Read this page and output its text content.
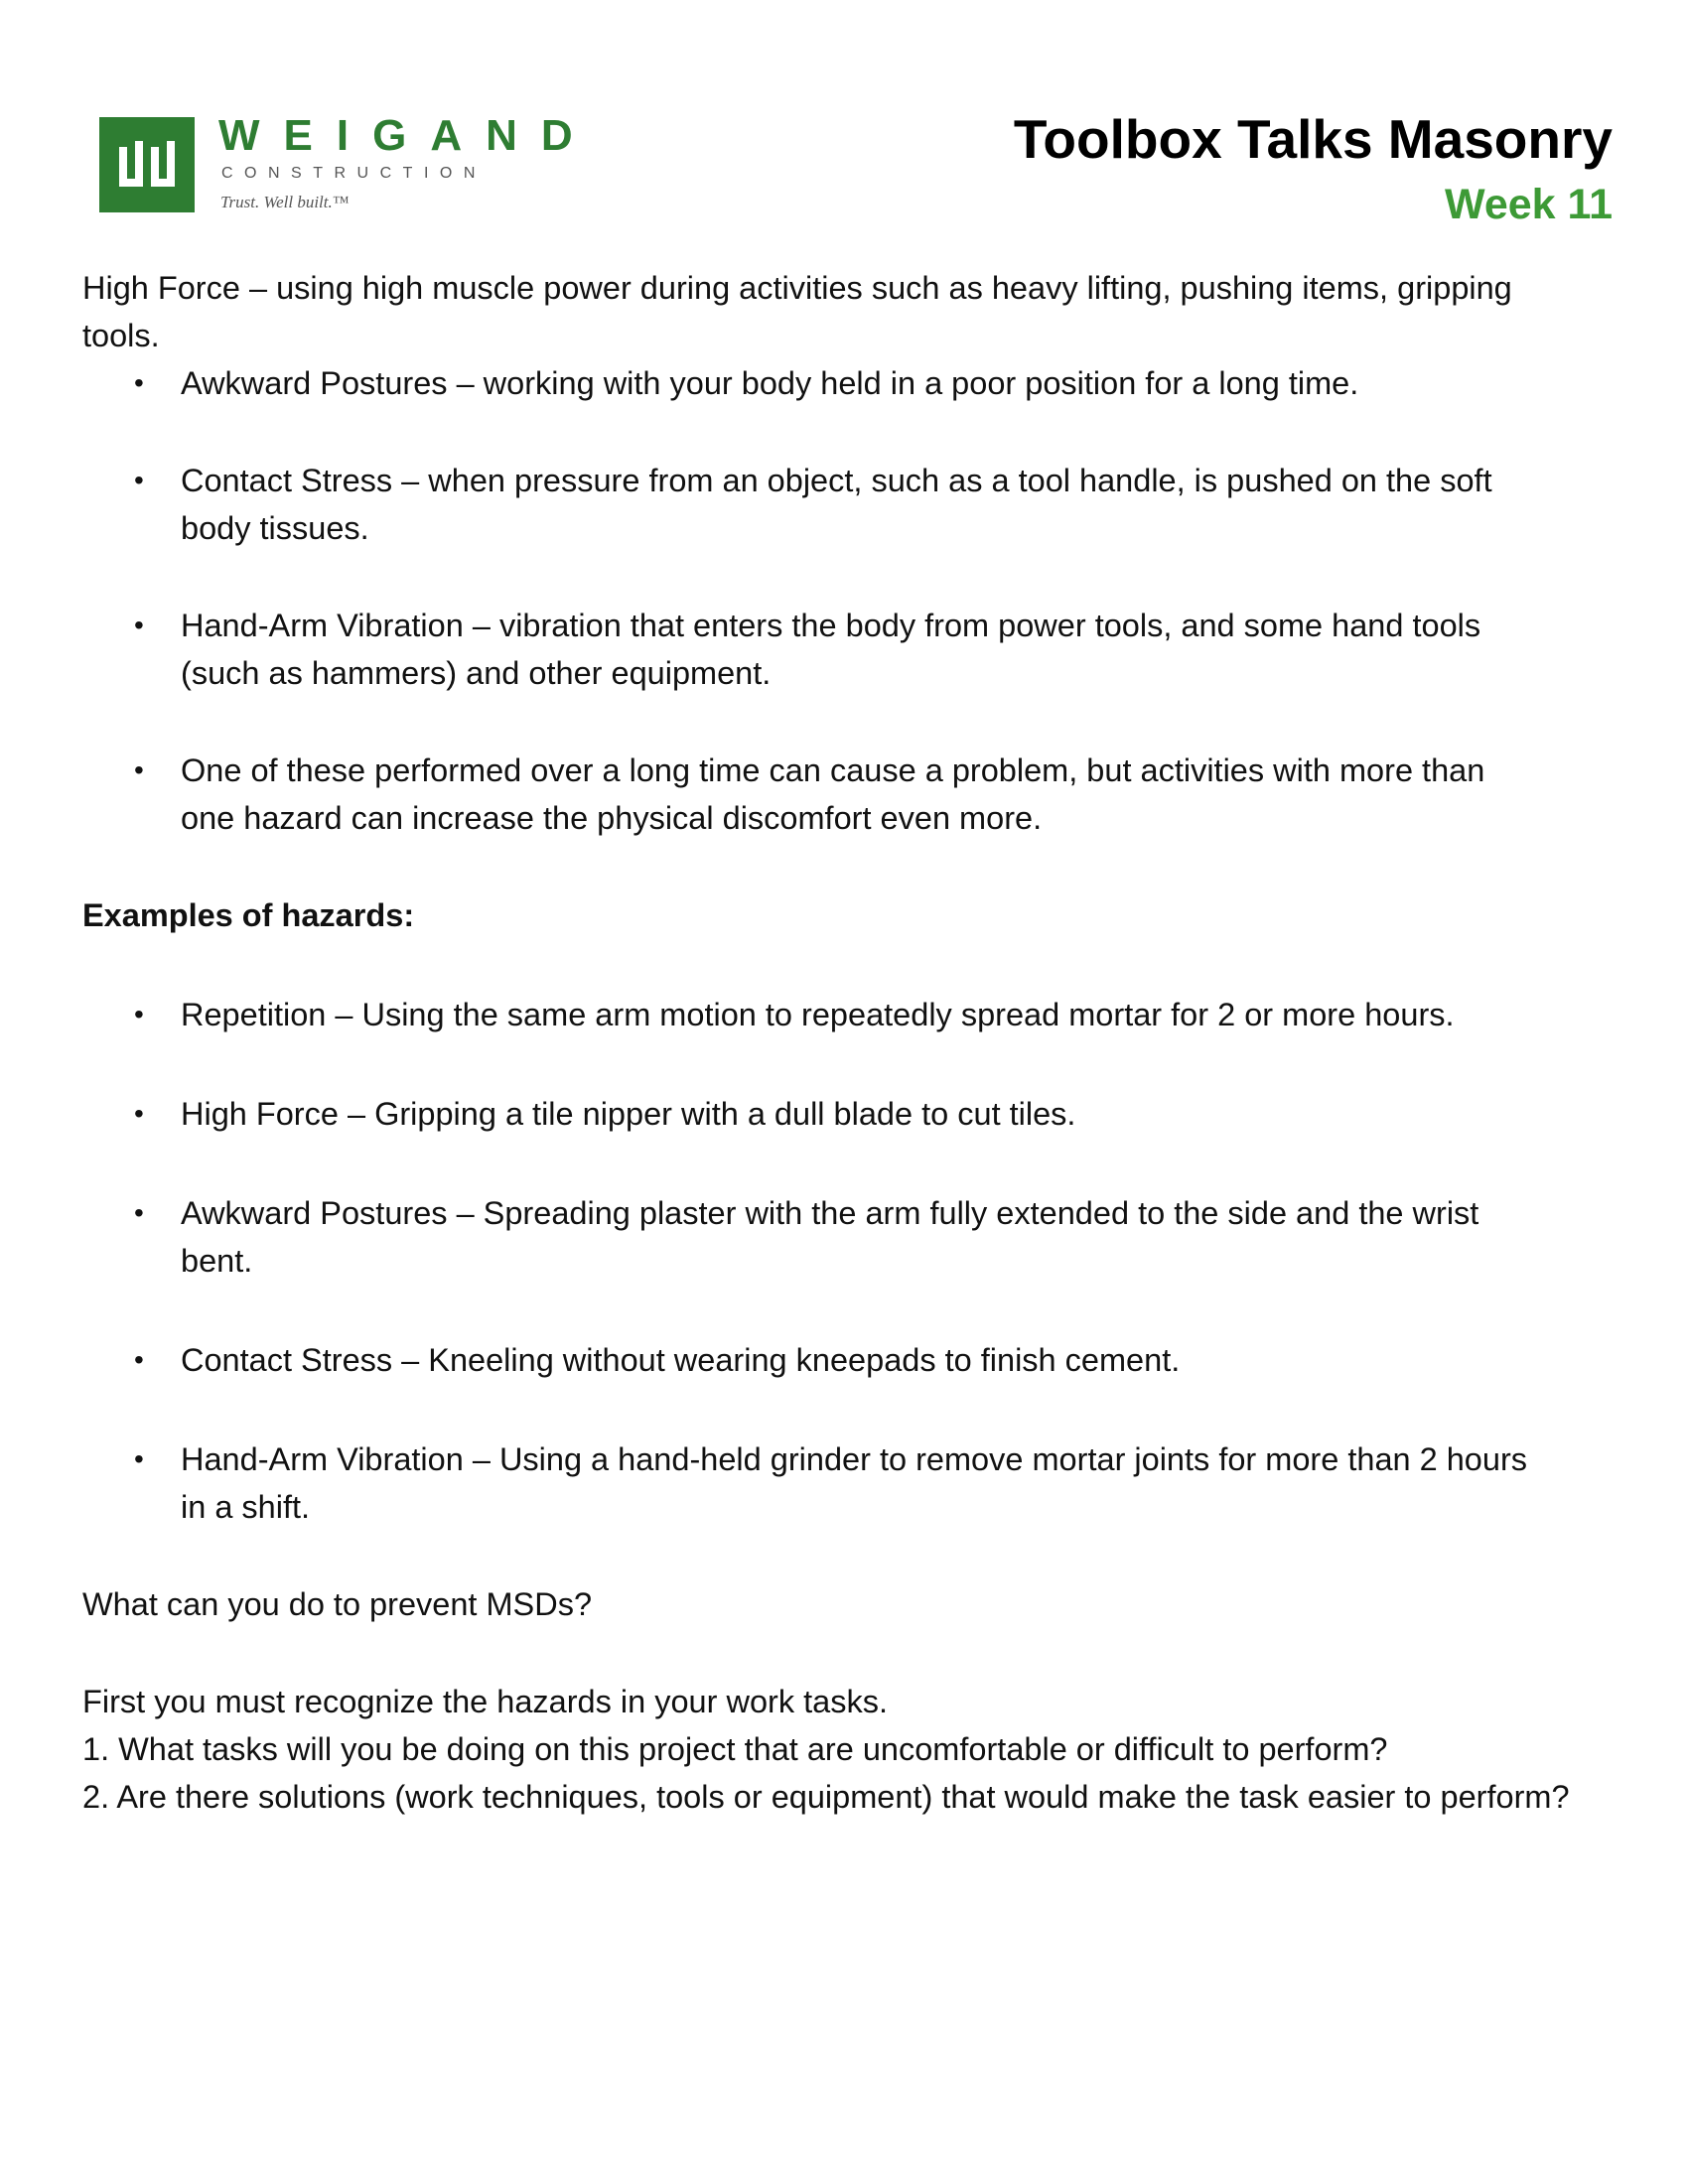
WEIGAND
CONSTRUCTION
Trust. Well built.™
Toolbox Talks Masonry
Week 11

High Force – using high muscle power during activities such as heavy lifting, pushing items, gripping tools.

• Awkward Postures – working with your body held in a poor position for a long time.
• Contact Stress – when pressure from an object, such as a tool handle, is pushed on the soft body tissues.
• Hand-Arm Vibration – vibration that enters the body from power tools, and some hand tools (such as hammers) and other equipment.
• One of these performed over a long time can cause a problem, but activities with more than one hazard can increase the physical discomfort even more.

Examples of hazards:

• Repetition – Using the same arm motion to repeatedly spread mortar for 2 or more hours.
• High Force – Gripping a tile nipper with a dull blade to cut tiles.
• Awkward Postures – Spreading plaster with the arm fully extended to the side and the wrist bent.
• Contact Stress – Kneeling without wearing kneepads to finish cement.
• Hand-Arm Vibration – Using a hand-held grinder to remove mortar joints for more than 2 hours in a shift.

What can you do to prevent MSDs?

First you must recognize the hazards in your work tasks.

1. What tasks will you be doing on this project that are uncomfortable or difficult to perform?

2. Are there solutions (work techniques, tools or equipment) that would make the task easier to perform?
